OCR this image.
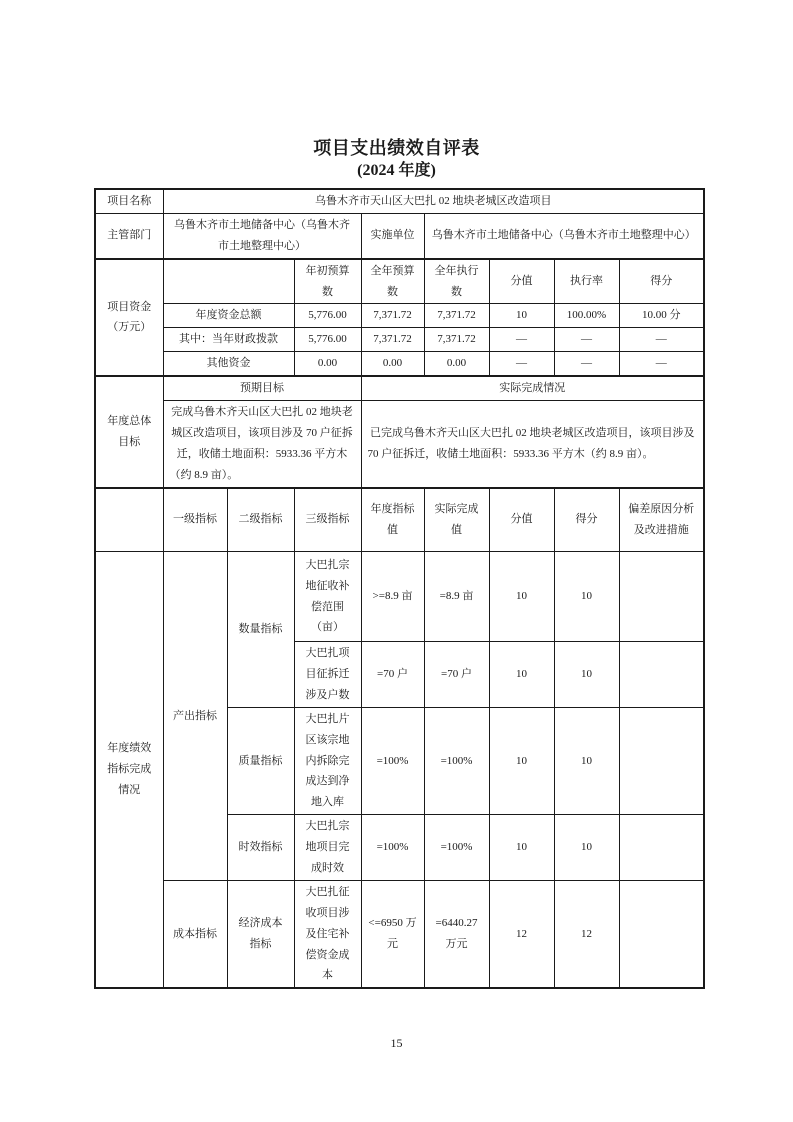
项目支出绩效自评表
(2024 年度)
项目名称	乌鲁木齐市天山区大巴扎 02 地块老城区改造项目							
主管部门	乌鲁木齐市土地储备中心（乌鲁木齐市土地整理中心）			实施单位	乌鲁木齐市土地储备中心（乌鲁木齐市土地整理中心）			
项目资金（万元）			年初预算数	全年预算数	全年执行数	分值	执行率	得分
	年度资金总额		5,776.00	7,371.72	7,371.72	10	100.00%	10.00 分
	其中：当年财政拨款		5,776.00	7,371.72	7,371.72	—	—	—
	其他资金		0.00	0.00	0.00	—	—	—
年度总体目标	预期目标			实际完成情况				
	完成乌鲁木齐天山区大巴扎 02 地块老城区改造项目，该项目涉及 70 户征拆迁，收储土地面积：5933.36 平方木（约 8.9 亩）。			已完成乌鲁木齐天山区大巴扎 02 地块老城区改造项目，该项目涉及 70 户征拆迁，收储土地面积：5933.36 平方木（约 8.9 亩）。				
	一级指标	二级指标	三级指标	年度指标值	实际完成值	分值	得分	偏差原因分析及改进措施
年度绩效指标完成情况	产出指标	数量指标	大巴扎宗地征收补偿范围（亩）	>=8.9 亩	=8.9 亩	10	10	
			大巴扎项目征拆迁涉及户数	=70 户	=70 户	10	10	
		质量指标	大巴扎片区该宗地内拆除完成达到净地入库	=100%	=100%	10	10	
		时效指标	大巴扎宗地项目完成时效	=100%	=100%	10	10	
	成本指标	经济成本指标	大巴扎征收项目涉及住宅补偿资金成本	<=6950 万元	=6440.27 万元	12	12	
15
